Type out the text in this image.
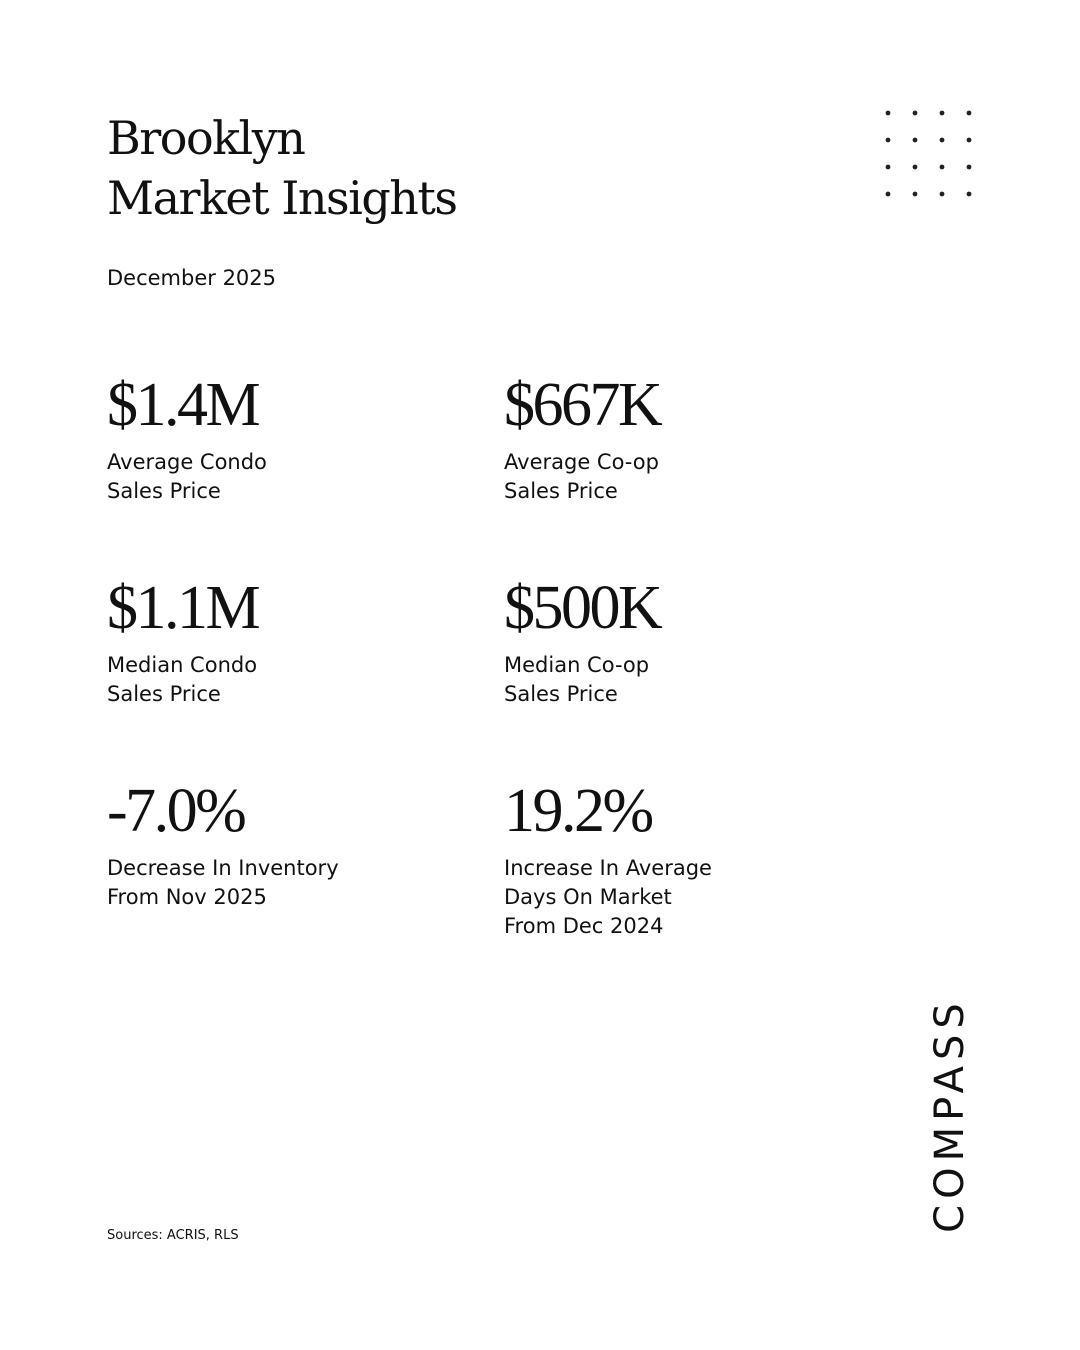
Brooklyn
Market Insights
December 2025
$1.4M
Average Condo
Sales Price
$667K
Average Co-op
Sales Price
$1.1M
Median Condo
Sales Price
$500K
Median Co-op
Sales Price
-7.0%
Decrease In Inventory
From Nov 2025
19.2%
Increase In Average
Days On Market
From Dec 2024
Sources: ACRIS, RLS
COMPASS
